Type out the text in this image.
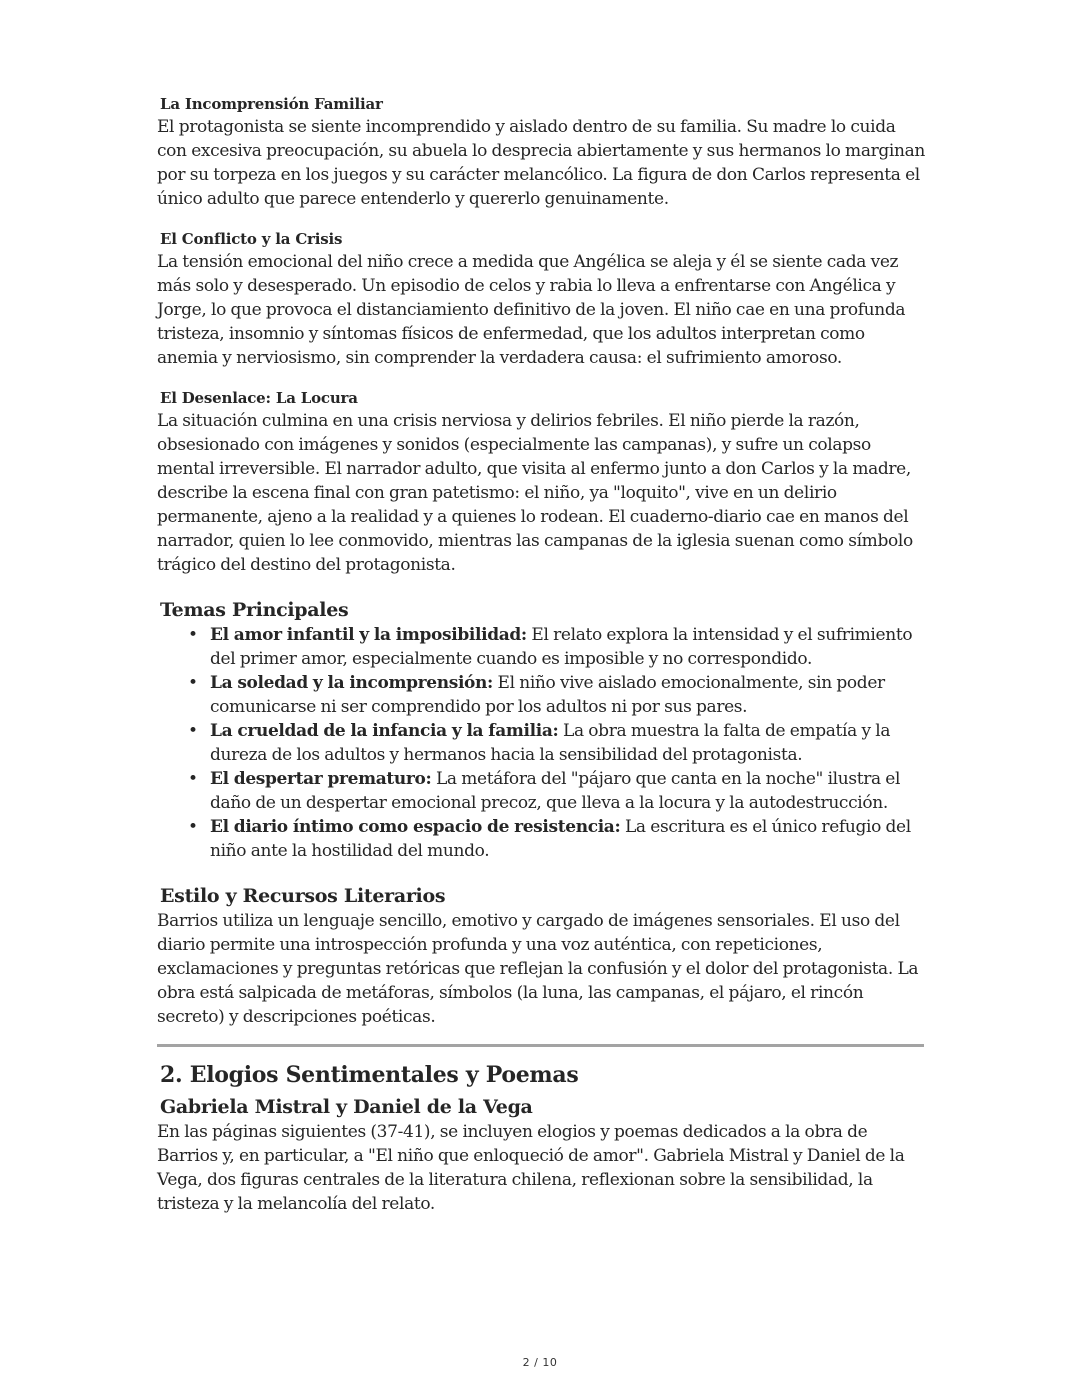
La Incomprensión Familiar

El protagonista se siente incomprendido y aislado dentro de su familia. Su madre lo cuida con excesiva preocupación, su abuela lo desprecia abiertamente y sus hermanos lo marginan por su torpeza en los juegos y su carácter melancólico. La figura de don Carlos representa el único adulto que parece entenderlo y quererlo genuinamente.

El Conflicto y la Crisis

La tensión emocional del niño crece a medida que Angélica se aleja y él se siente cada vez más solo y desesperado. Un episodio de celos y rabia lo lleva a enfrentarse con Angélica y Jorge, lo que provoca el distanciamiento definitivo de la joven. El niño cae en una profunda tristeza, insomnio y síntomas físicos de enfermedad, que los adultos interpretan como anemia y nerviosismo, sin comprender la verdadera causa: el sufrimiento amoroso.

El Desenlace: La Locura

La situación culmina en una crisis nerviosa y delirios febriles. El niño pierde la razón, obsesionado con imágenes y sonidos (especialmente las campanas), y sufre un colapso mental irreversible. El narrador adulto, que visita al enfermo junto a don Carlos y la madre, describe la escena final con gran patetismo: el niño, ya "loquito", vive en un delirio permanente, ajeno a la realidad y a quienes lo rodean. El cuaderno-diario cae en manos del narrador, quien lo lee conmovido, mientras las campanas de la iglesia suenan como símbolo trágico del destino del protagonista.

Temas Principales
• El amor infantil y la imposibilidad: El relato explora la intensidad y el sufrimiento del primer amor, especialmente cuando es imposible y no correspondido.
• La soledad y la incomprensión: El niño vive aislado emocionalmente, sin poder comunicarse ni ser comprendido por los adultos ni por sus pares.
• La crueldad de la infancia y la familia: La obra muestra la falta de empatía y la dureza de los adultos y hermanos hacia la sensibilidad del protagonista.
• El despertar prematuro: La metáfora del "pájaro que canta en la noche" ilustra el daño de un despertar emocional precoz, que lleva a la locura y la autodestrucción.
• El diario íntimo como espacio de resistencia: La escritura es el único refugio del niño ante la hostilidad del mundo.
Estilo y Recursos Literarios

Barrios utiliza un lenguaje sencillo, emotivo y cargado de imágenes sensoriales. El uso del diario permite una introspección profunda y una voz auténtica, con repeticiones, exclamaciones y preguntas retóricas que reflejan la confusión y el dolor del protagonista. La obra está salpicada de metáforas, símbolos (la luna, las campanas, el pájaro, el rincón secreto) y descripciones poéticas.

2. Elogios Sentimentales y Poemas
Gabriela Mistral y Daniel de la Vega

En las páginas siguientes (37-41), se incluyen elogios y poemas dedicados a la obra de Barrios y, en particular, a "El niño que enloqueció de amor". Gabriela Mistral y Daniel de la Vega, dos figuras centrales de la literatura chilena, reflexionan sobre la sensibilidad, la tristeza y la melancolía del relato.

2 / 10
